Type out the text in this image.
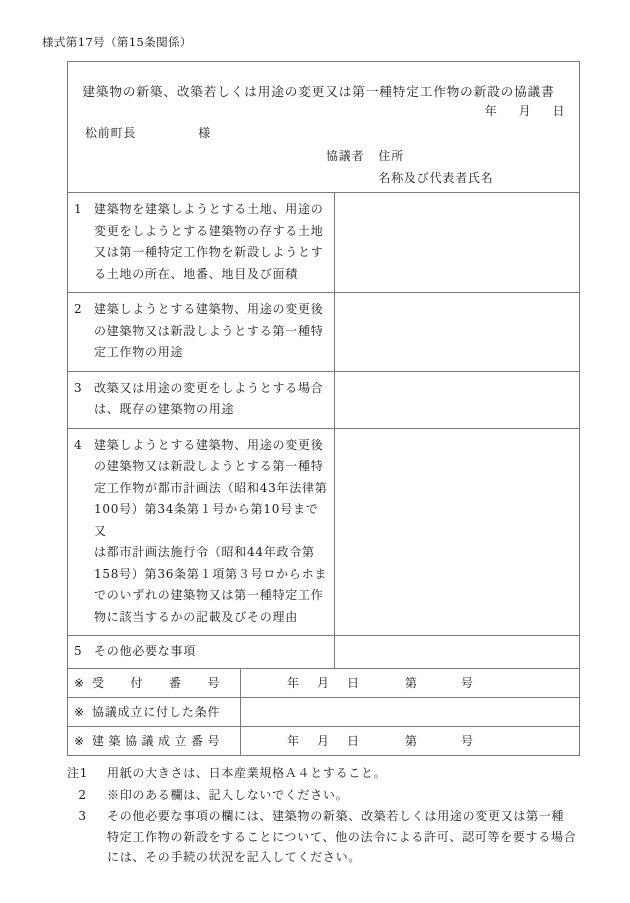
様式第17号（第15条関係）
建築物の新築、改築若しくは用途の変更又は第一種特定工作物の新設の協議書
年 月 日
松前町長	様
協議者 住所
名称及び代表者氏名
1	建築物を建築しようとする土地、用途の
変更をしようとする建築物の存する土地
又は第一種特定工作物を新設しようとす
る土地の所在、地番、地目及び面積
2	建築しようとする建築物、用途の変更後
の建築物又は新設しようとする第一種特
定工作物の用途
3	改築又は用途の変更をしようとする場合
は、既存の建築物の用途
4	建築しようとする建築物、用途の変更後
の建築物又は新設しようとする第一種特
定工作物が都市計画法（昭和43年法律第
100号）第34条第１号から第10号まで又
は都市計画法施行令（昭和44年政令第
158号）第36条第１項第３号ロからホま
でのいずれの建築物又は第一種特定工作
物に該当するかの記載及びその理由
5	その他必要な事項
※ 受付番号	年 月 日	第	号
※ 協議成立に付した条件

※ 建築協議成立番号	年 月 日	第	号
注1	用紙の大きさは、日本産業規格Ａ４とすること。
2	※印のある欄は、記入しないでください。
3	その他必要な事項の欄には、建築物の新築、改築若しくは用途の変更又は第一種
特定工作物の新設をすることについて、他の法令による許可、認可等を要する場合
には、その手続の状況を記入してください。
